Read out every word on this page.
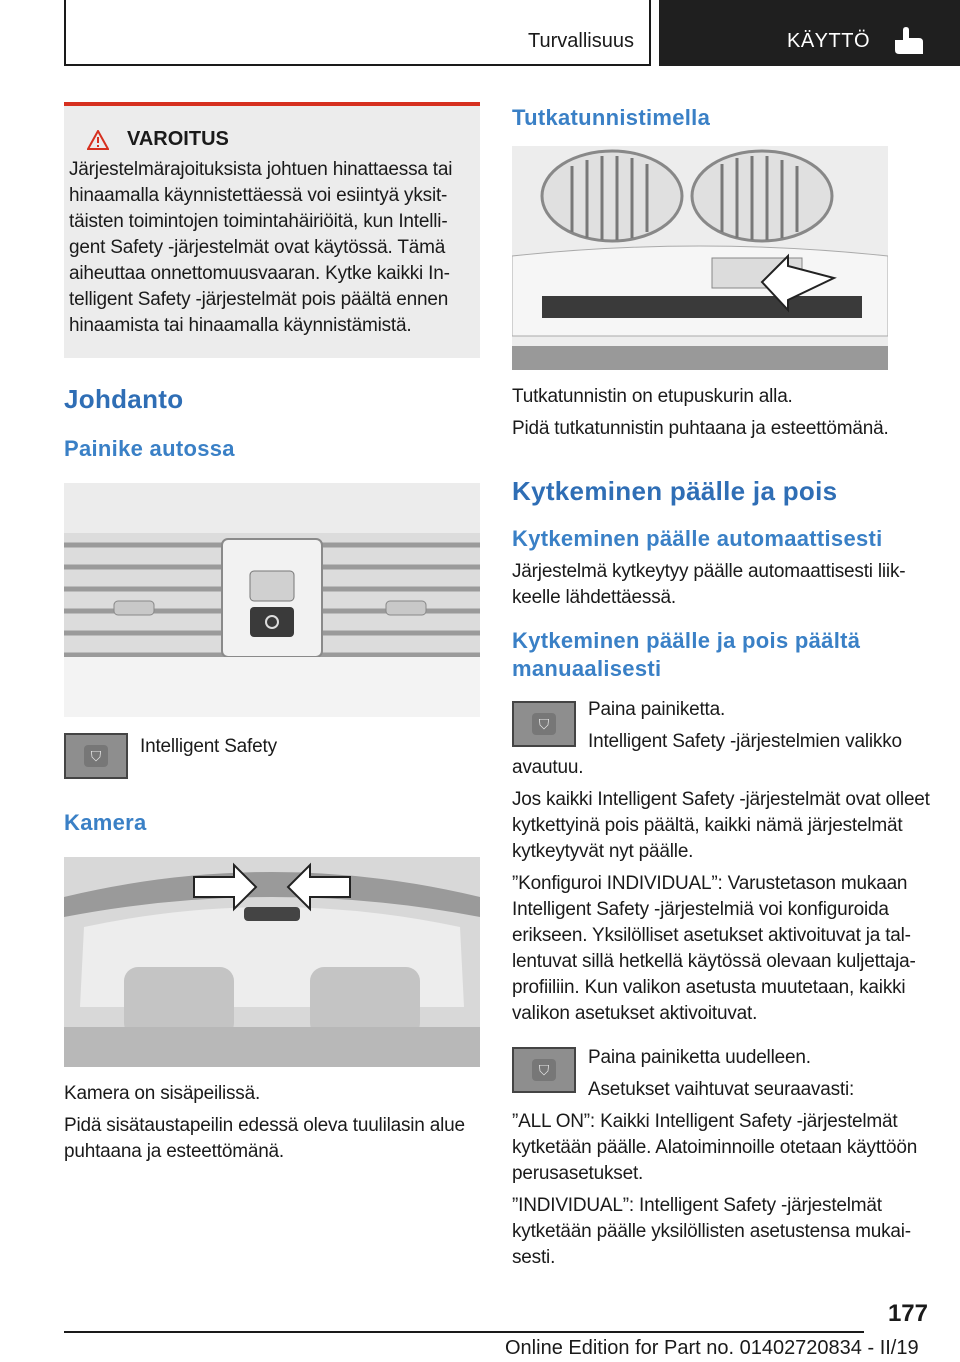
Turvallisuus	KÄYTTÖ
VAROITUS

Järjestelmärajoituksista johtuen hinattaessa tai hinaamalla käynnistettäessä voi esiintyä yksittäisten toimintojen toimintahäiriöitä, kun Intelligent Safety -järjestelmät ovat käytössä. Tämä aiheuttaa onnettomuusvaaran. Kytke kaikki Intelligent Safety -järjestelmät pois päältä ennen hinaamista tai hinaamalla käynnistämistä.

Johdanto
Painike autossa
⛉	Intelligent Safety

Kamera

Kamera on sisäpeilissä.

Pidä sisätaustapeilin edessä oleva tuulilasin alue puhtaana ja esteettömänä.

Tutkatunnistimella

Tutkatunnistin on etupuskurin alla.

Pidä tutkatunnistin puhtaana ja esteettömänä.

Kytkeminen päälle ja pois
Kytkeminen päälle automaattisesti

Järjestelmä kytkeytyy päälle automaattisesti liikkeelle lähdettäessä.

Kytkeminen päälle ja pois päältä manuaalisesti
⛉

Paina painiketta.

Intelligent Safety -järjestelmien valikko avautuu.

Jos kaikki Intelligent Safety -järjestelmät ovat olleet kytkettyinä pois päältä, kaikki nämä järjestelmät kytkeytyvät nyt päälle.

”Konfiguroi INDIVIDUAL”: Varustetason mukaan Intelligent Safety -järjestelmiä voi konfiguroida erikseen. Yksilölliset asetukset aktivoituvat ja tallentuvat sillä hetkellä käytössä olevaan kuljettajaprofiiliin. Kun valikon asetusta muutetaan, kaikki valikon asetukset aktivoituvat.

⛉

Paina painiketta uudelleen.

Asetukset vaihtuvat seuraavasti:

”ALL ON”: Kaikki Intelligent Safety -järjestelmät kytketään päälle. Alatoiminnoille otetaan käyttöön perusasetukset.

”INDIVIDUAL”: Intelligent Safety -järjestelmät kytketään päälle yksilöllisten asetustensa mukaisesti.

177
Online Edition for Part no. 01402720834 - II/19
